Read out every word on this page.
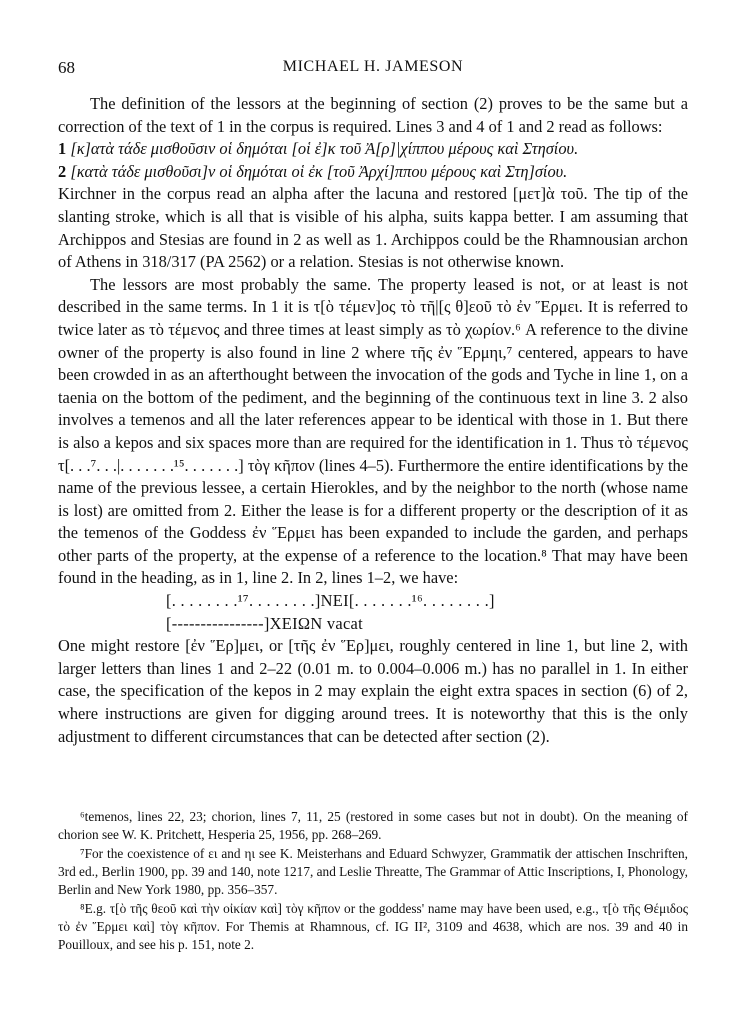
68	MICHAEL H. JAMESON

The definition of the lessors at the beginning of section (2) proves to be the same but a correction of the text of 1 in the corpus is required. Lines 3 and 4 of 1 and 2 read as follows:

1 [κ]ατὰ τάδε μισθοῦσιν οἱ δημόται [οἱ ἐ]κ τοῦ Ἀ[ρ]|χίππου μέρους καὶ Στησίου.

2 [κατὰ τάδε μισθοῦσι]ν οἱ δημόται οἱ ἐκ [τοῦ Ἀρχί]ππου μέρους καὶ Στη]σίου.

Kirchner in the corpus read an alpha after the lacuna and restored [μετ]ὰ τοῦ. The tip of the slanting stroke, which is all that is visible of his alpha, suits kappa better. I am assuming that Archippos and Stesias are found in 2 as well as 1. Archippos could be the Rhamnousian archon of Athens in 318/317 (PA 2562) or a relation. Stesias is not otherwise known.

The lessors are most probably the same. The property leased is not, or at least is not described in the same terms. In 1 it is τ[ὸ τέμεν]ος τὸ τῆ|[ς θ]εοῦ τὸ ἐν Ἕρμει. It is referred to twice later as τὸ τέμενος and three times at least simply as τὸ χωρίον.⁶ A reference to the divine owner of the property is also found in line 2 where τῆς ἐν Ἕρμηι,⁷ centered, appears to have been crowded in as an afterthought between the invocation of the gods and Tyche in line 1, on a taenia on the bottom of the pediment, and the beginning of the continuous text in line 3. 2 also involves a temenos and all the later references appear to be identical with those in 1. But there is also a kepos and six spaces more than are required for the identification in 1. Thus τὸ τέμενος τ[. . .⁷. . .|. . . . . . .¹⁵. . . . . . .] τὸγ κῆπον (lines 4–5). Furthermore the entire identifications by the name of the previous lessee, a certain Hierokles, and by the neighbor to the north (whose name is lost) are omitted from 2. Either the lease is for a different property or the description of it as the temenos of the Goddess ἐν Ἕρμει has been expanded to include the garden, and perhaps other parts of the property, at the expense of a reference to the location.⁸ That may have been found in the heading, as in 1, line 2. In 2, lines 1–2, we have:

[. . . . . . . .¹⁷. . . . . . . .]ΝΕΙ[. . . . . . .¹⁶. . . . . . . .]

[----------------]ΧΕΙΩΝ vacat

One might restore [ἐν Ἕρ]μει, or [τῆς ἐν Ἕρ]μει, roughly centered in line 1, but line 2, with larger letters than lines 1 and 2–22 (0.01 m. to 0.004–0.006 m.) has no parallel in 1. In either case, the specification of the kepos in 2 may explain the eight extra spaces in section (6) of 2, where instructions are given for digging around trees. It is noteworthy that this is the only adjustment to different circumstances that can be detected after section (2).

⁶temenos, lines 22, 23; chorion, lines 7, 11, 25 (restored in some cases but not in doubt). On the meaning of chorion see W. K. Pritchett, Hesperia 25, 1956, pp. 268–269.

⁷For the coexistence of ει and ηι see K. Meisterhans and Eduard Schwyzer, Grammatik der attischen Inschriften, 3rd ed., Berlin 1900, pp. 39 and 140, note 1217, and Leslie Threatte, The Grammar of Attic Inscriptions, I, Phonology, Berlin and New York 1980, pp. 356–357.

⁸E.g. τ[ὸ τῆς θεοῦ καὶ τὴν οἰκίαν καὶ] τὸγ κῆπον or the goddess' name may have been used, e.g., τ[ὸ τῆς Θέμιδος τὸ ἐν Ἕρμει καὶ] τὸγ κῆπον. For Themis at Rhamnous, cf. IG II², 3109 and 4638, which are nos. 39 and 40 in Pouilloux, and see his p. 151, note 2.
